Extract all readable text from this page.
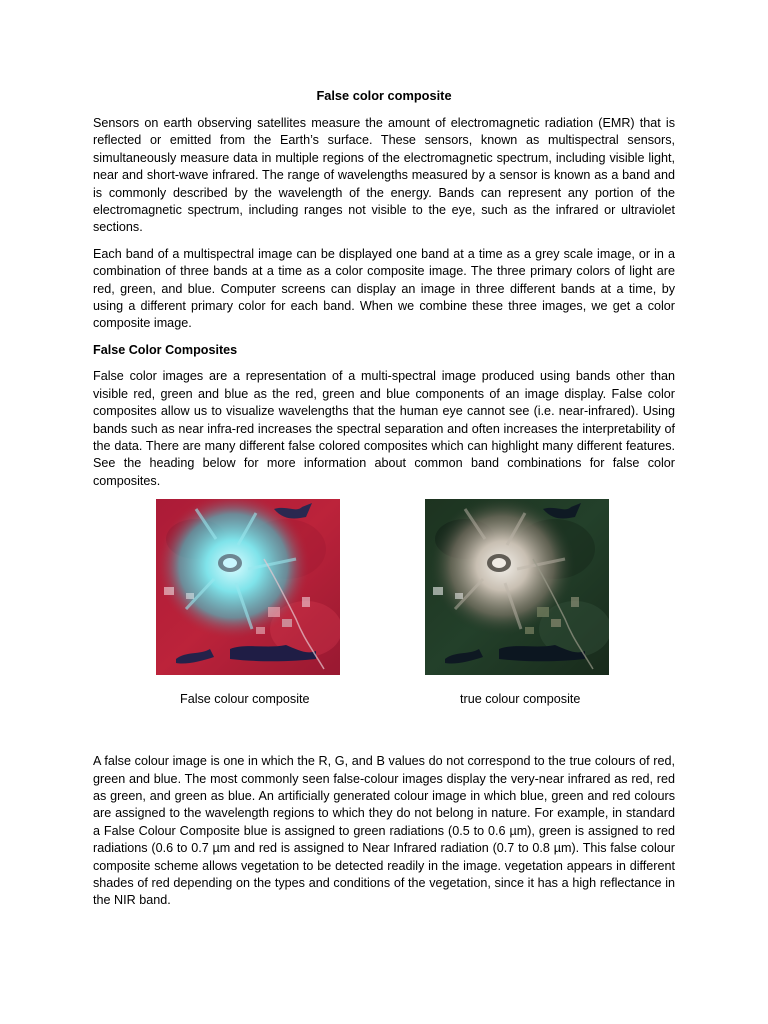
False color composite

Sensors on earth observing satellites measure the amount of electromagnetic radiation (EMR) that is reflected or emitted from the Earth’s surface. These sensors, known as multispectral sensors, simultaneously measure data in multiple regions of the electromagnetic spectrum, including visible light, near and short-wave infrared. The range of wavelengths measured by a sensor is known as a band and is commonly described by the wavelength of the energy. Bands can represent any portion of the electromagnetic spectrum, including ranges not visible to the eye, such as the infrared or ultraviolet sections.

Each band of a multispectral image can be displayed one band at a time as a grey scale image, or in a combination of three bands at a time as a color composite image. The three primary colors of light are red, green, and blue. Computer screens can display an image in three different bands at a time, by using a different primary color for each band. When we combine these three images, we get a color composite image.

False Color Composites

False color images are a representation of a multi-spectral image produced using bands other than visible red, green and blue as the red, green and blue components of an image display. False color composites allow us to visualize wavelengths that the human eye cannot see (i.e. near-infrared). Using bands such as near infra-red increases the spectral separation and often increases the interpretability of the data. There are many different false colored composites which can highlight many different features. See the heading below for more information about common band combinations for false color composites.

False colour composite	true colour composite

A false colour image is one in which the R, G, and B values do not correspond to the true colours of red, green and blue. The most commonly seen false-colour images display the very-near infrared as red, red as green, and green as blue. An artificially generated colour image in which blue, green and red colours are assigned to the wavelength regions to which they do not belong in nature. For example, in standard a False Colour Composite blue is assigned to green radiations (0.5 to 0.6 µm), green is assigned to red radiations (0.6 to 0.7 µm and red is assigned to Near Infrared radiation (0.7 to 0.8 µm). This false colour composite scheme allows vegetation to be detected readily in the image. vegetation appears in different shades of red depending on the types and conditions of the vegetation, since it has a high reflectance in the NIR band.
